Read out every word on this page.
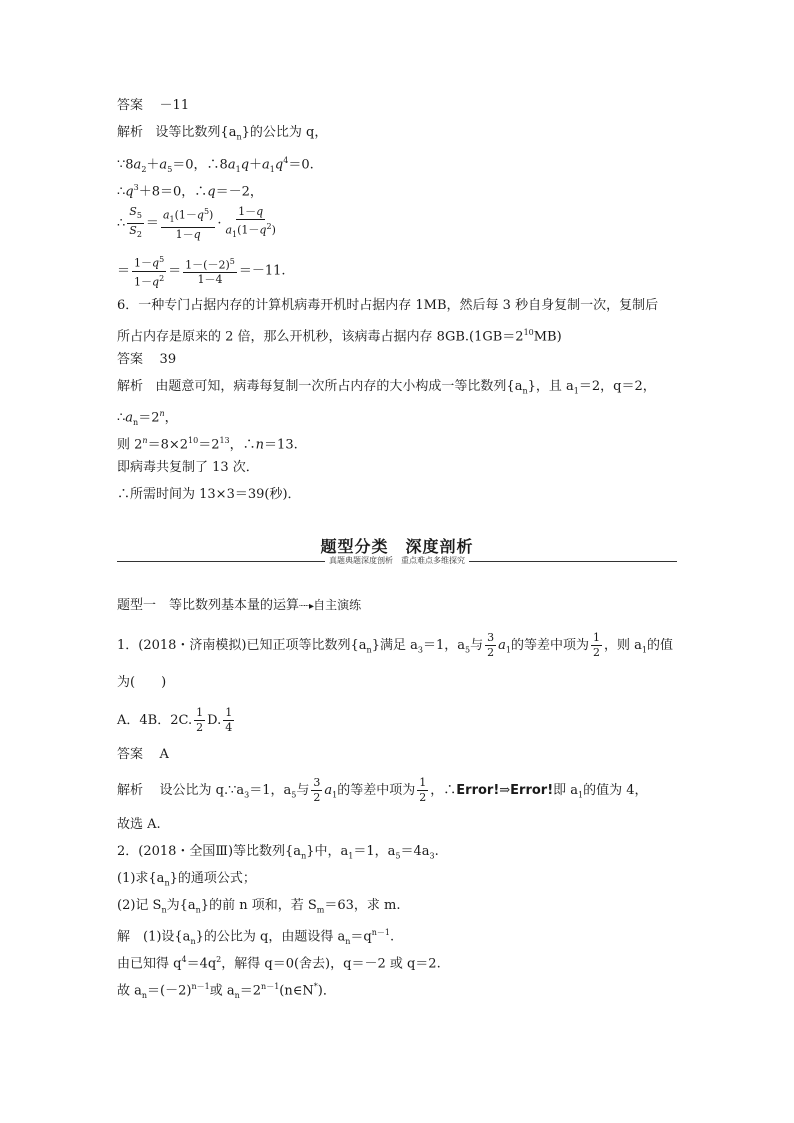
答案 －11
解析 设等比数列$\{a_n\}$的公比为 q，
$\because 8a_2+a_5=0$，$\therefore 8a_1q+a_1q^4=0$.
$\therefore q^3+8=0$，∴q＝－2，
∴ $\frac{S_5}{S_2} = \frac{a_1(1-q^5)}{1-q} \cdot \frac{1-q}{a_1(1-q^2)}$
＝ $\frac{1-q^5}{1-q^2} = \frac{1-(-2)^5}{1-4} =-11$.
6．一种专门占据内存的计算机病毒开机时占据内存 1MB，然后每 3 秒自身复制一次，复制后
所占内存是原来的 2 倍，那么开机秒，该病毒占据内存 $8GB.(1GB=2^{10}MB)$
答案 39
解析 由题意可知，病毒每复制一次所占内存的大小构成一等比数列$\{a_n\}$，且 $a_1=2$，q＝2，
$\therefore a_n=2^n$，
则 $2^n=8\times 2^{10}=2^{13}$，∴n＝13.
即病毒共复制了 13 次．
∴所需时间为 13×3＝39(秒)．
题型分类　深度剖析
真题典题深度剖析　重点难点多维探究
题型一　等比数列基本量的运算┈┈▸自主演练
1．(2018・济南模拟)已知正项等比数列$\{a_n\}$满足 $a_3=1$，$a_5$与 $\frac{3}{2} a_1$的等差中项为 $\frac{1}{2}$ ，则 $a_1$的值
为(　　)
A．4B．2C. $\frac{1}{2} D$. $\frac{1}{4}$
答案 A
解析 设公比为 $q.\because a_3=1$，$a_5$与 $\frac{3}{2} a_1$的等差中项为 $\frac{1}{2}$ ，∴Error!⇒Error!即 $a_1$的值为 4，
故选 A.
2．(2018・全国Ⅲ)等比数列$\{a_n\}$中，$a_1=1$，$a_5=4a_3$.
(1)求$\{a_n\}$的通项公式；
(2)记 $S_n$为$\{a_n\}$的前 n 项和，若 $S_m=63$，求 m.
解　(1)设$\{a_n\}$的公比为 q，由题设得 $a_n=q^{n-1}$.
由已知得 $q^4=4q^2$，解得 q＝0(舍去)，q＝－2 或 q＝2.
故 $a_n=(-2)^{n-1}$或 $a_n=2^{n-1}(n\in N^*)$．
